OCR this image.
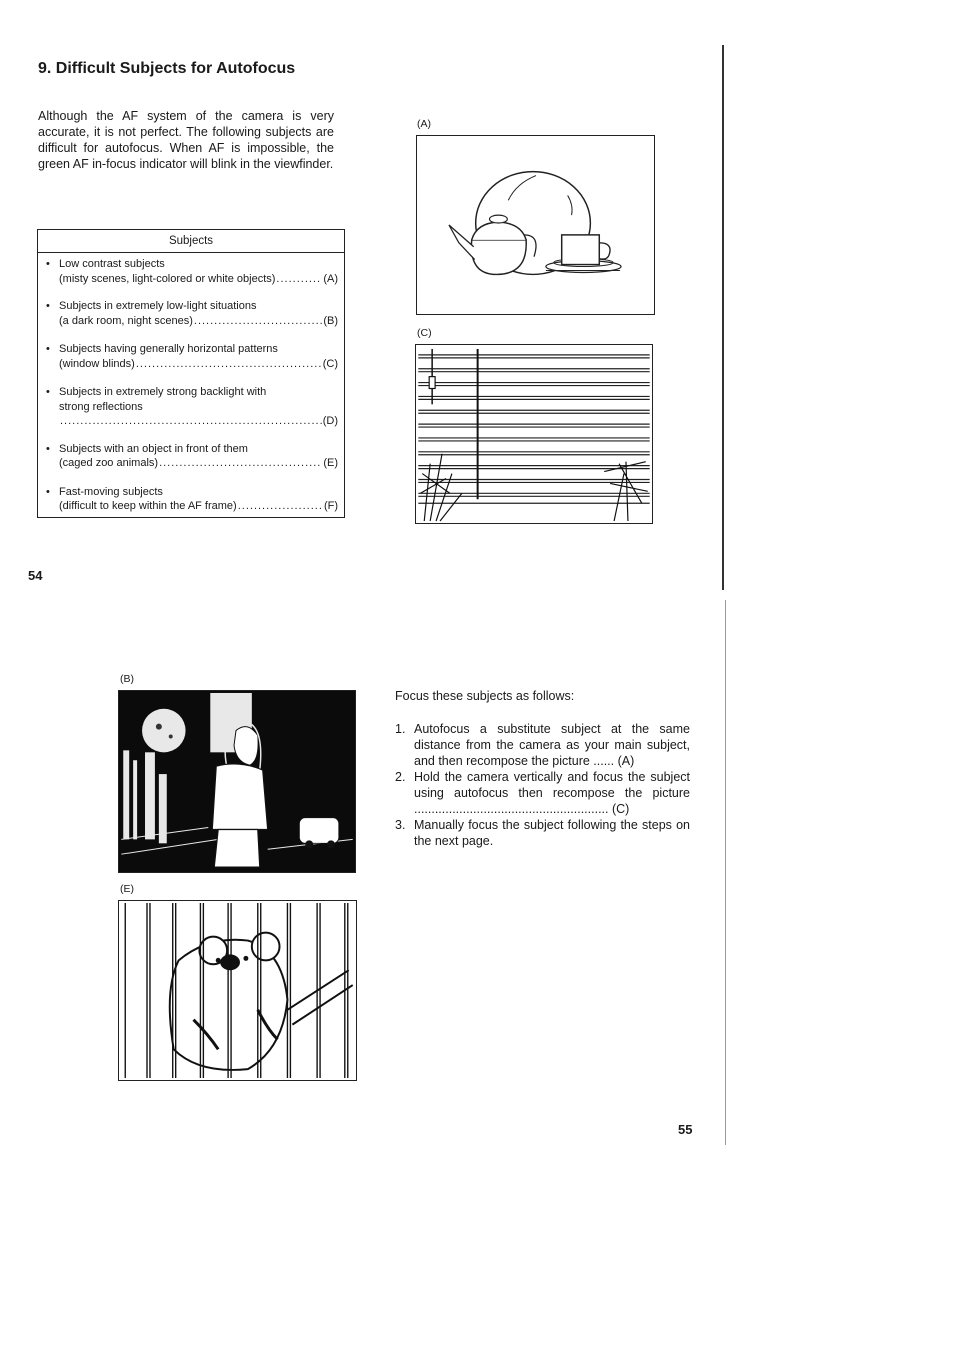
9. Difficult Subjects for Autofocus
Although the AF system of the camera is very accurate, it is not perfect. The following subjects are difficult for autofocus. When AF is impossible, the green AF in-focus indicator will blink in the viewfinder.
Subjects
• Low contrast subjects
(misty scenes, light-colored or white objects) .....	(A)
• Subjects in extremely low-light situations
(a dark room, night scenes) .....	(B)
• Subjects having generally horizontal patterns
(window blinds) .....	(C)
• Subjects in extremely strong backlight with
strong reflections
.....
(D)
• Subjects with an object in front of them
(caged zoo animals) .....	(E)
• Fast-moving subjects
(difficult to keep within the AF frame) .....	(F)
54
(A)
(C)
(B)
(E)
Focus these subjects as follows:
1. Autofocus a substitute subject at the same distance from the camera as your main subject, and then recompose the picture ...... (A)
2. Hold the camera vertically and focus the subject using autofocus then recompose the picture ........................................................ (C)
3. Manually focus the subject following the steps on the next page.
55
